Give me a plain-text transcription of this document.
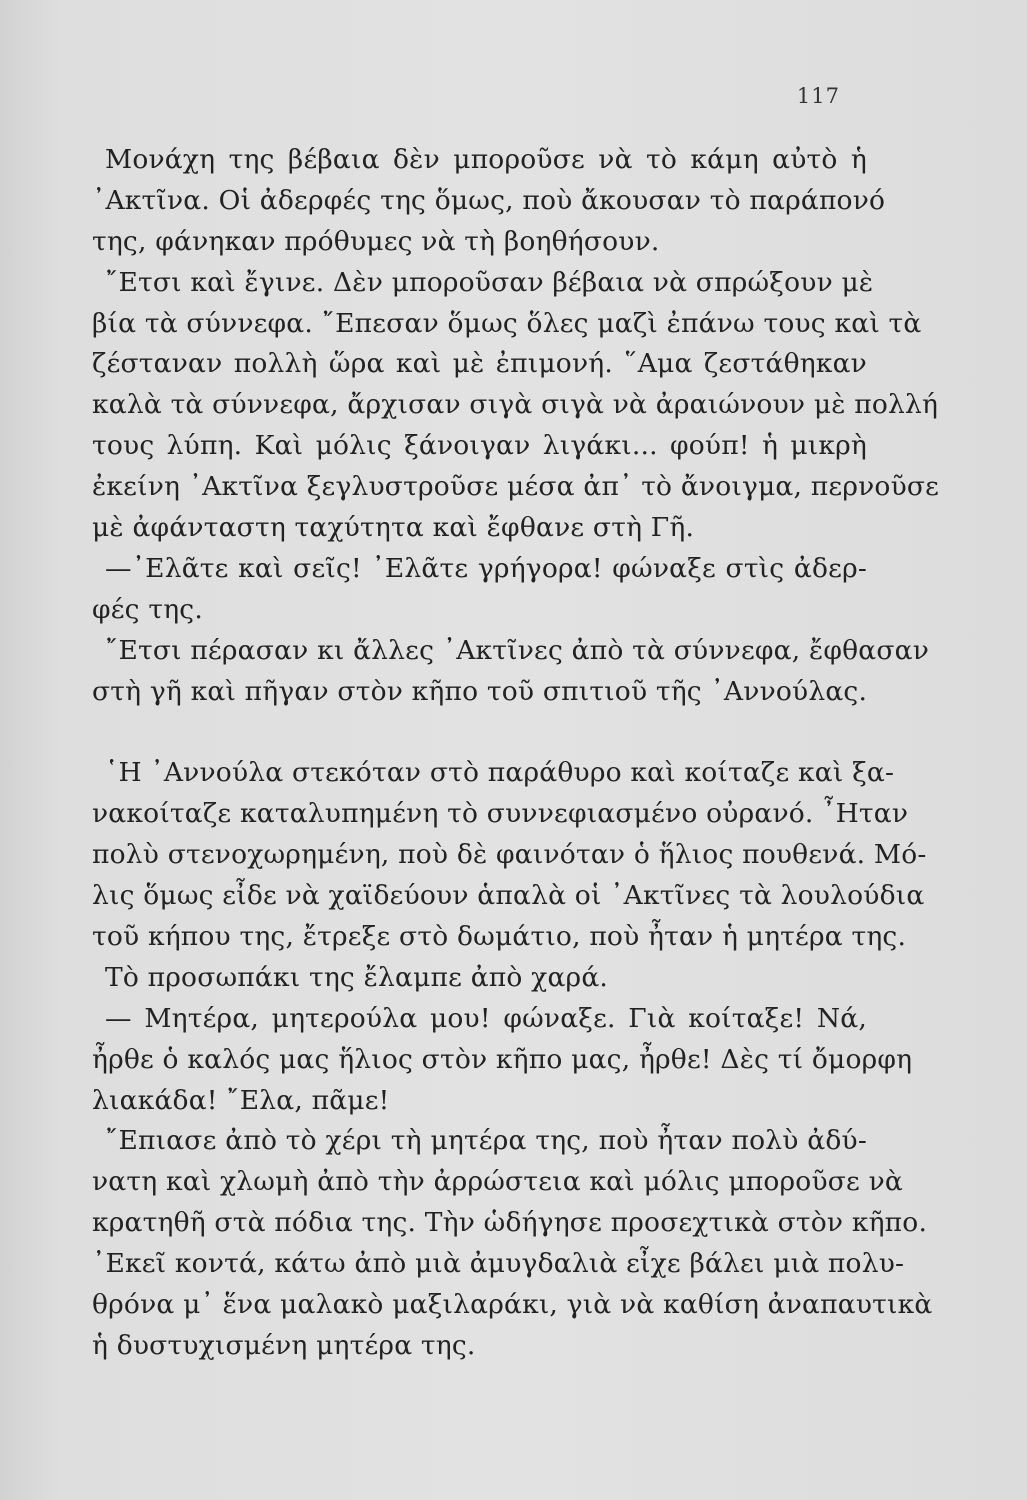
117
Μονάχη της βέβαια δὲν μποροῦσε νὰ τὸ κάμη αὐτὸ ἡ
᾿Ακτῖνα. Οἱ ἀδερφές της ὅμως, ποὺ ἄκουσαν τὸ παράπονό
της, φάνηκαν πρόθυμες νὰ τὴ βοηθήσουν.
῎Ετσι καὶ ἔγινε. Δὲν μποροῦσαν βέβαια νὰ σπρώξουν μὲ
βία τὰ σύννεφα. ῎Επεσαν ὅμως ὅλες μαζὶ ἐπάνω τους καὶ τὰ
ζέσταναν πολλὴ ὥρα καὶ μὲ ἐπιμονή. ῞Αμα ζεστάθηκαν
καλὰ τὰ σύννεφα, ἄρχισαν σιγὰ σιγὰ νὰ ἀραιώνουν μὲ πολλή
τους λύπη. Καὶ μόλις ξάνοιγαν λιγάκι... φούπ! ἡ μικρὴ
ἐκείνη ᾿Ακτῖνα ξεγλυστροῦσε μέσα ἀπ᾿ τὸ ἄνοιγμα, περνοῦσε
μὲ ἀφάνταστη ταχύτητα καὶ ἔφθανε στὴ Γῆ.
—᾿Ελᾶτε καὶ σεῖς! ᾿Ελᾶτε γρήγορα! φώναξε στὶς ἀδερ-
φές της.
῎Ετσι πέρασαν κι ἄλλες ᾿Ακτῖνες ἀπὸ τὰ σύννεφα, ἔφθασαν
στὴ γῆ καὶ πῆγαν στὸν κῆπο τοῦ σπιτιοῦ τῆς ᾿Αννούλας.
῾Η ᾿Αννούλα στεκόταν στὸ παράθυρο καὶ κοίταζε καὶ ξα-
νακοίταζε καταλυπημένη τὸ συννεφιασμένο οὐρανό. ῏Ηταν
πολὺ στενοχωρημένη, ποὺ δὲ φαινόταν ὁ ἥλιος πουθενά. Μό-
λις ὅμως εἶδε νὰ χαϊδεύουν ἁπαλὰ οἱ ᾿Ακτῖνες τὰ λουλούδια
τοῦ κήπου της, ἔτρεξε στὸ δωμάτιο, ποὺ ἦταν ἡ μητέρα της.
Τὸ προσωπάκι της ἔλαμπε ἀπὸ χαρά.
— Μητέρα, μητερούλα μου! φώναξε. Γιὰ κοίταξε! Νά,
ἦρθε ὁ καλός μας ἥλιος στὸν κῆπο μας, ἦρθε! Δὲς τί ὄμορφη
λιακάδα! ῎Ελα, πᾶμε!
῎Επιασε ἀπὸ τὸ χέρι τὴ μητέρα της, ποὺ ἦταν πολὺ ἀδύ-
νατη καὶ χλωμὴ ἀπὸ τὴν ἀρρώστεια καὶ μόλις μποροῦσε νὰ
κρατηθῆ στὰ πόδια της. Τὴν ὡδήγησε προσεχτικὰ στὸν κῆπο.
᾿Εκεῖ κοντά, κάτω ἀπὸ μιὰ ἀμυγδαλιὰ εἶχε βάλει μιὰ πολυ-
θρόνα μ᾿ ἕνα μαλακὸ μαξιλαράκι, γιὰ νὰ καθίση ἀναπαυτικὰ
ἡ δυστυχισμένη μητέρα της.
